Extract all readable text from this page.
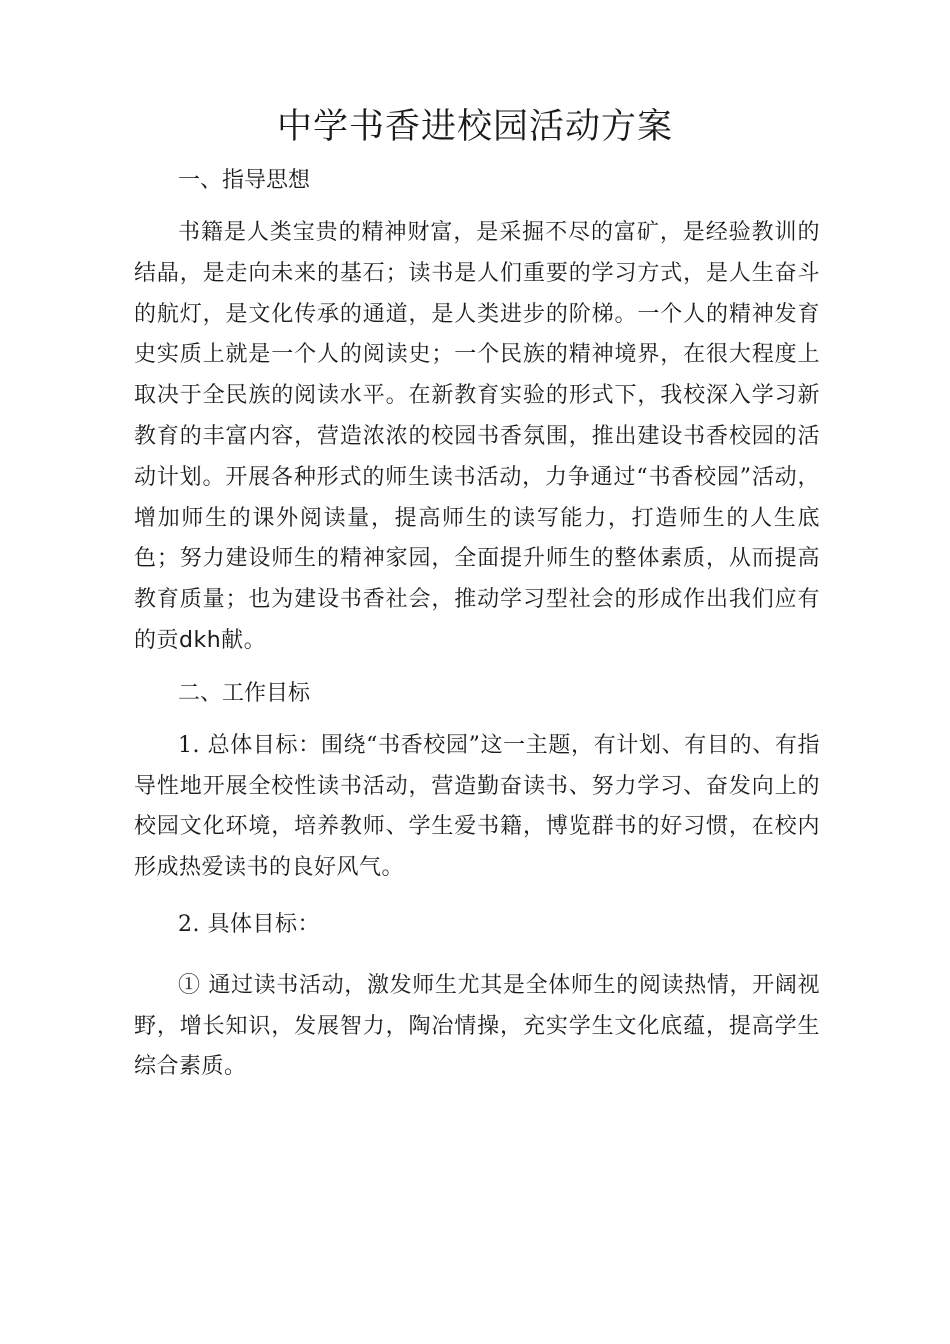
中学书香进校园活动方案
一、指导思想

书籍是人类宝贵的精神财富，是采掘不尽的富矿，是经验教训的结晶，是走向未来的基石；读书是人们重要的学习方式，是人生奋斗的航灯，是文化传承的通道，是人类进步的阶梯。一个人的精神发育史实质上就是一个人的阅读史；一个民族的精神境界，在很大程度上取决于全民族的阅读水平。在新教育实验的形式下，我校深入学习新教育的丰富内容，营造浓浓的校园书香氛围，推出建设书香校园的活动计划。开展各种形式的师生读书活动，力争通过“书香校园”活动，增加师生的课外阅读量，提高师生的读写能力，打造师生的人生底色；努力建设师生的精神家园，全面提升师生的整体素质，从而提高教育质量；也为建设书香社会，推动学习型社会的形成作出我们应有的贡dkh献。

二、工作目标

1. 总体目标：围绕“书香校园”这一主题，有计划、有目的、有指导性地开展全校性读书活动，营造勤奋读书、努力学习、奋发向上的校园文化环境，培养教师、学生爱书籍，博览群书的好习惯，在校内形成热爱读书的良好风气。

2. 具体目标：

① 通过读书活动，激发师生尤其是全体师生的阅读热情，开阔视野，增长知识，发展智力，陶冶情操，充实学生文化底蕴，提高学生综合素质。
